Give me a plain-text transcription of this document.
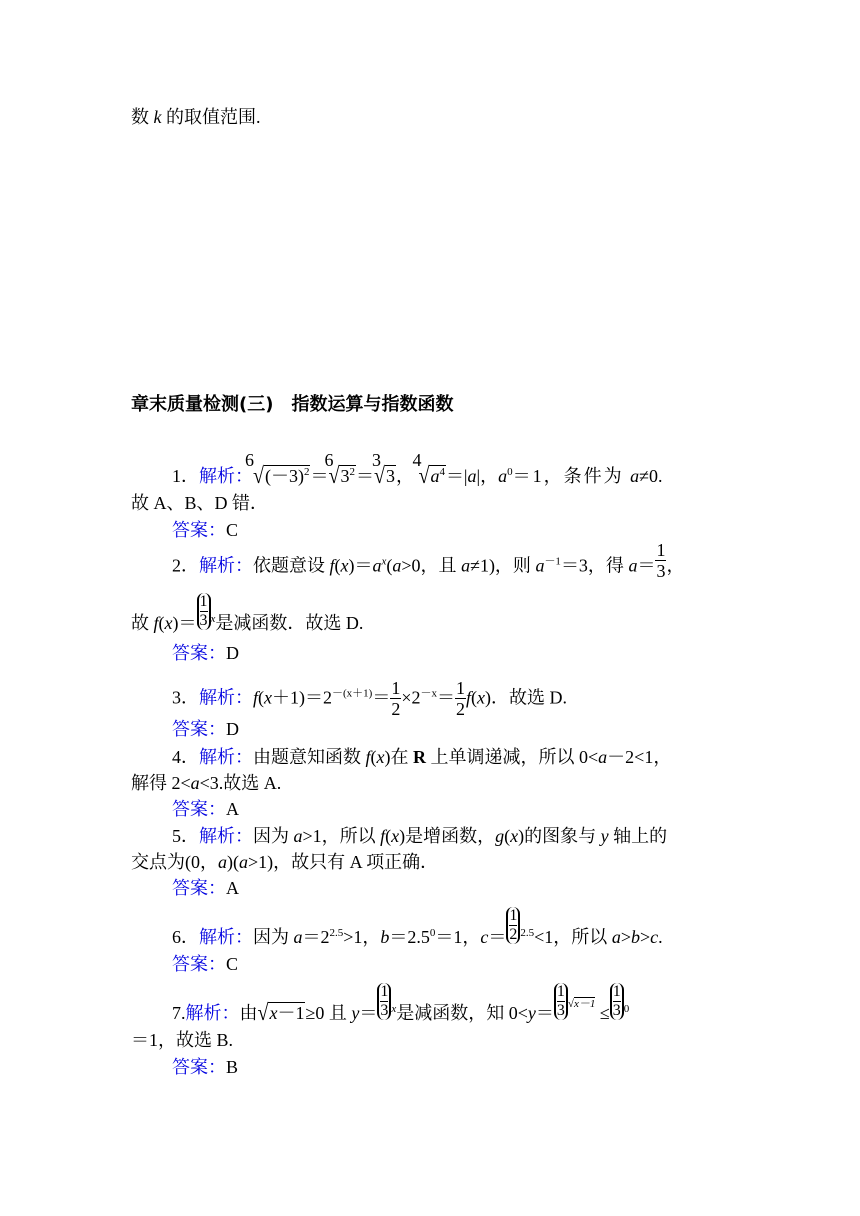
数 k 的取值范围.
章末质量检测(三)　指数运算与指数函数
1．解析：
6
$√(-3)^2=$
6
$√3^2=$
3
√3，
4
$√a^4=|a|$，$a^0=1$，条件为 a≠0.
故 A、B、D 错．
答案：C
2．解析：依题意设 $f(x)=a^x(a>0$，且 a≠1)，则 $a^{-1}=3$，得 $a= \frac{1}{3}$ ，
故 $f(x)= \frac{1}{3} ^x$是减函数．故选 D.
答案：D
3．解析：$f(x+1)=2^{-(x+1)}= \frac{1}{2} \times 2^{-x}= \frac{1}{2} f(x)$．故选 D.
答案：D
4．解析：由题意知函数 f(x)在 R 上单调递减，所以 0<a－2<1，
解得 2<a<3.故选 A.
答案：A
5．解析：因为 a>1，所以 f(x)是增函数，g(x)的图象与 y 轴上的
交点为(0，a)(a>1)，故只有 A 项正确．
答案：A
6．解析：因为 $a=2^{2.5}>1$，$b=2.5^0=1$，$c= \frac{1}{2} ^{2.5}<1$，所以 a>b>c.
答案：C
7.解析：由√x－1≥0 且 $y= \frac{1}{3} ^x$是减函数，知 $0<y= \frac{1}{3} ^{√x-1} \le \frac{1}{3} ^0$
＝1，故选 B.
答案：B
